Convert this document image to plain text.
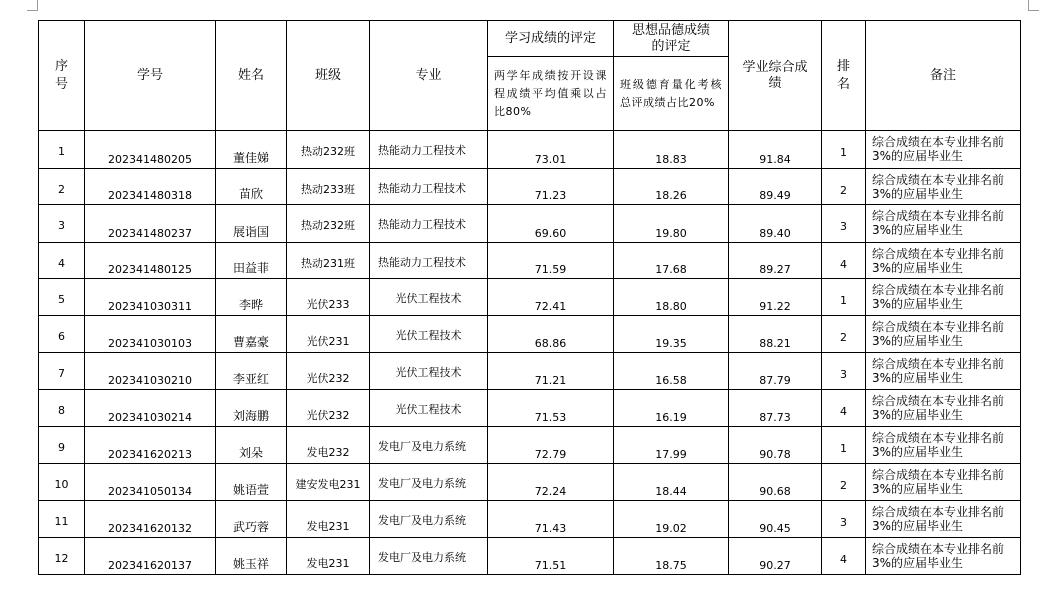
序号	学号	姓名	班级	专业	学习成绩的评定	思想品德成绩的评定	学业综合成绩	排名	备注
					两学年成绩按开设课程成绩平均值乘以占比80%	班级德育量化考核总评成绩占比20%			
1	202341480205	董佳娣	热动232班	热能动力工程技术	73.01	18.83	91.84	1	综合成绩在本专业排名前3%的应届毕业生
2	202341480318	苗欣	热动233班	热能动力工程技术	71.23	18.26	89.49	2	综合成绩在本专业排名前3%的应届毕业生
3	202341480237	展诣国	热动232班	热能动力工程技术	69.60	19.80	89.40	3	综合成绩在本专业排名前3%的应届毕业生
4	202341480125	田益菲	热动231班	热能动力工程技术	71.59	17.68	89.27	4	综合成绩在本专业排名前3%的应届毕业生
5	202341030311	李晔	光伏233	光伏工程技术	72.41	18.80	91.22	1	综合成绩在本专业排名前3%的应届毕业生
6	202341030103	曹嘉豪	光伏231	光伏工程技术	68.86	19.35	88.21	2	综合成绩在本专业排名前3%的应届毕业生
7	202341030210	李亚红	光伏232	光伏工程技术	71.21	16.58	87.79	3	综合成绩在本专业排名前3%的应届毕业生
8	202341030214	刘海鹏	光伏232	光伏工程技术	71.53	16.19	87.73	4	综合成绩在本专业排名前3%的应届毕业生
9	202341620213	刘朵	发电232	发电厂及电力系统	72.79	17.99	90.78	1	综合成绩在本专业排名前3%的应届毕业生
10	202341050134	姚语萱	建安发电231	发电厂及电力系统	72.24	18.44	90.68	2	综合成绩在本专业排名前3%的应届毕业生
11	202341620132	武巧蓉	发电231	发电厂及电力系统	71.43	19.02	90.45	3	综合成绩在本专业排名前3%的应届毕业生
12	202341620137	姚玉祥	发电231	发电厂及电力系统	71.51	18.75	90.27	4	综合成绩在本专业排名前3%的应届毕业生
